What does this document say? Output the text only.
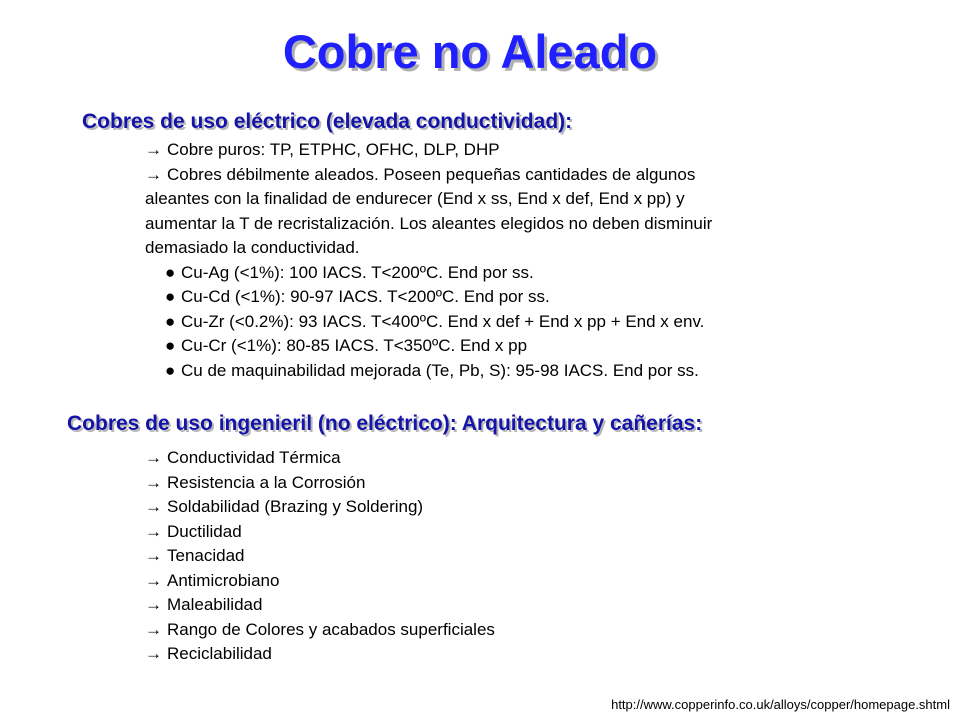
Cobre no Aleado
Cobres de uso eléctrico (elevada conductividad):
→ Cobre puros: TP, ETPHC, OFHC, DLP, DHP
→ Cobres débilmente aleados. Poseen pequeñas cantidades de algunos
aleantes con la finalidad de endurecer (End x ss, End x def, End x pp) y
aumentar la T de recristalización. Los aleantes elegidos no deben disminuir
demasiado la conductividad.
● Cu-Ag (<1%): 100 IACS. T<200ºC. End por ss.
● Cu-Cd (<1%): 90-97 IACS. T<200ºC. End por ss.
● Cu-Zr (<0.2%): 93 IACS. T<400ºC. End x def + End x pp + End x env.
● Cu-Cr (<1%): 80-85 IACS. T<350ºC. End x pp
● Cu de maquinabilidad mejorada (Te, Pb, S): 95-98 IACS. End por ss.
Cobres de uso ingenieril (no eléctrico): Arquitectura y cañerías:
→ Conductividad Térmica
→ Resistencia a la Corrosión
→ Soldabilidad (Brazing y Soldering)
→ Ductilidad
→ Tenacidad
→ Antimicrobiano
→ Maleabilidad
→ Rango de Colores y acabados superficiales
→ Reciclabilidad
http://www.copperinfo.co.uk/alloys/copper/homepage.shtml
